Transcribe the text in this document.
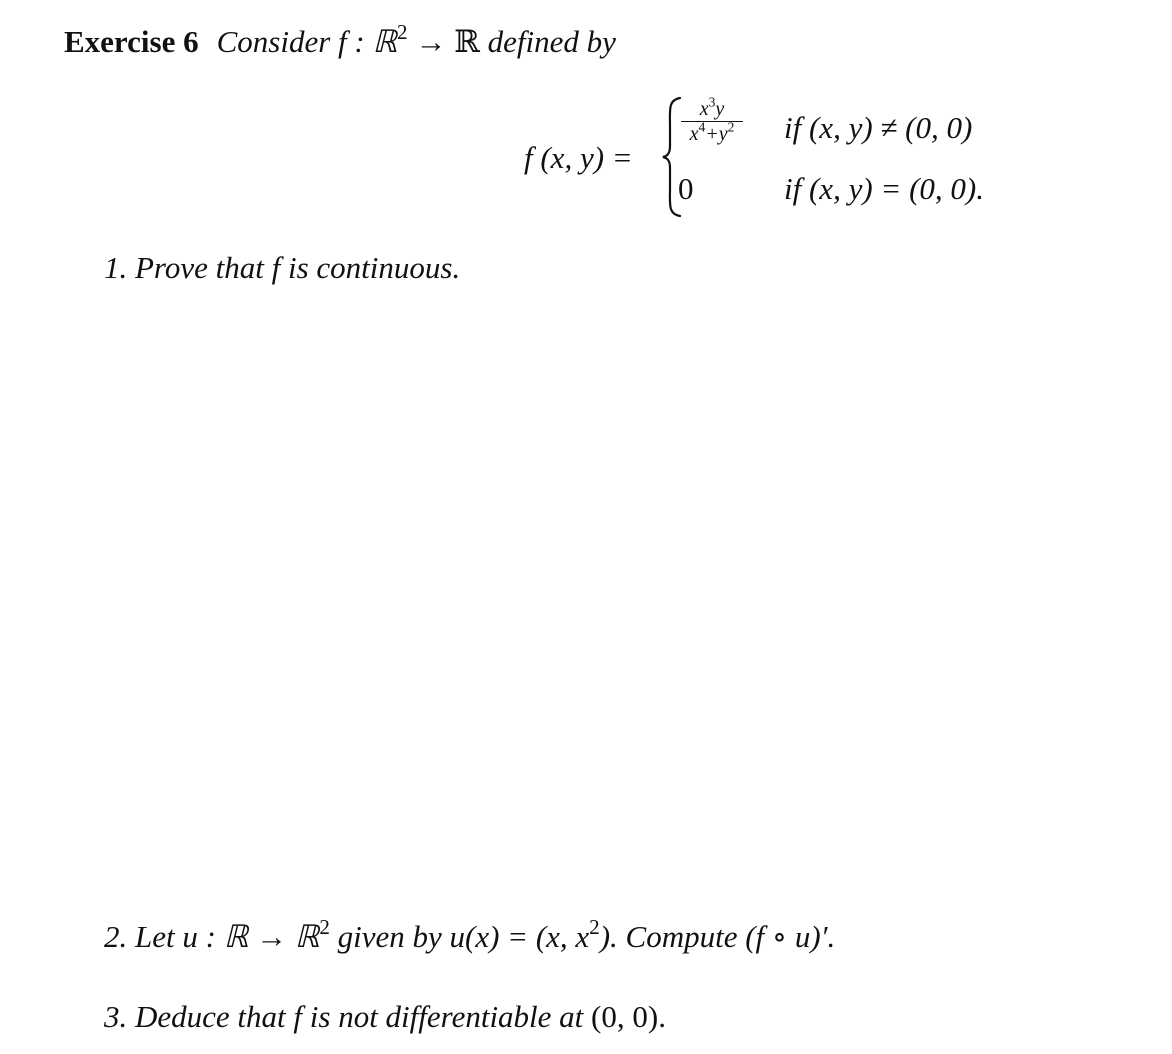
Exercise 6 Consider f : ℝ$^2$ → ℝ defined by
f (x, y) =
$x^3y$
$x^4+y^2$
0
if (x, y) ≠ (0, 0)
if (x, y) = (0, 0).
1. Prove that f is continuous.
2. Let u : ℝ → ℝ$^2$ given by u(x) = (x, $x^2$). Compute (f ∘ u)′.
3. Deduce that f is not differentiable at (0, 0).
